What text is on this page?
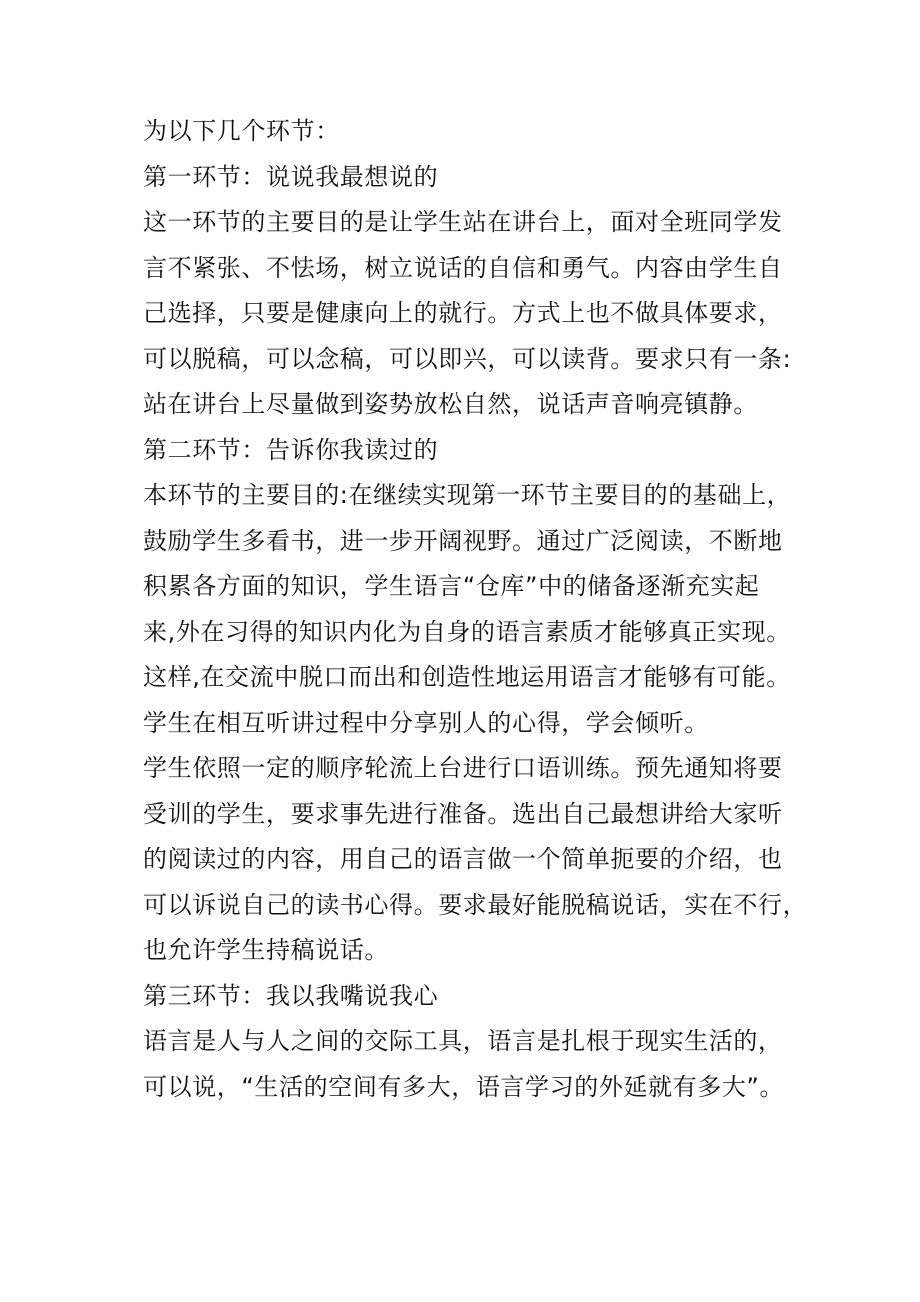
为以下几个环节：
第一环节：说说我最想说的
这一环节的主要目的是让学生站在讲台上，面对全班同学发
言不紧张、不怯场，树立说话的自信和勇气。内容由学生自
己选择，只要是健康向上的就行。方式上也不做具体要求，
可以脱稿，可以念稿，可以即兴，可以读背。要求只有一条:
站在讲台上尽量做到姿势放松自然，说话声音响亮镇静。
第二环节：告诉你我读过的
本环节的主要目的:在继续实现第一环节主要目的的基础上，
鼓励学生多看书，进一步开阔视野。通过广泛阅读，不断地
积累各方面的知识，学生语言“仓库”中的储备逐渐充实起
来,外在习得的知识内化为自身的语言素质才能够真正实现。
这样,在交流中脱口而出和创造性地运用语言才能够有可能。
学生在相互听讲过程中分享别人的心得，学会倾听。
学生依照一定的顺序轮流上台进行口语训练。预先通知将要
受训的学生，要求事先进行准备。选出自己最想讲给大家听
的阅读过的内容，用自己的语言做一个简单扼要的介绍，也
可以诉说自己的读书心得。要求最好能脱稿说话，实在不行，
也允许学生持稿说话。
第三环节：我以我嘴说我心
语言是人与人之间的交际工具，语言是扎根于现实生活的，
可以说，“生活的空间有多大，语言学习的外延就有多大”。
